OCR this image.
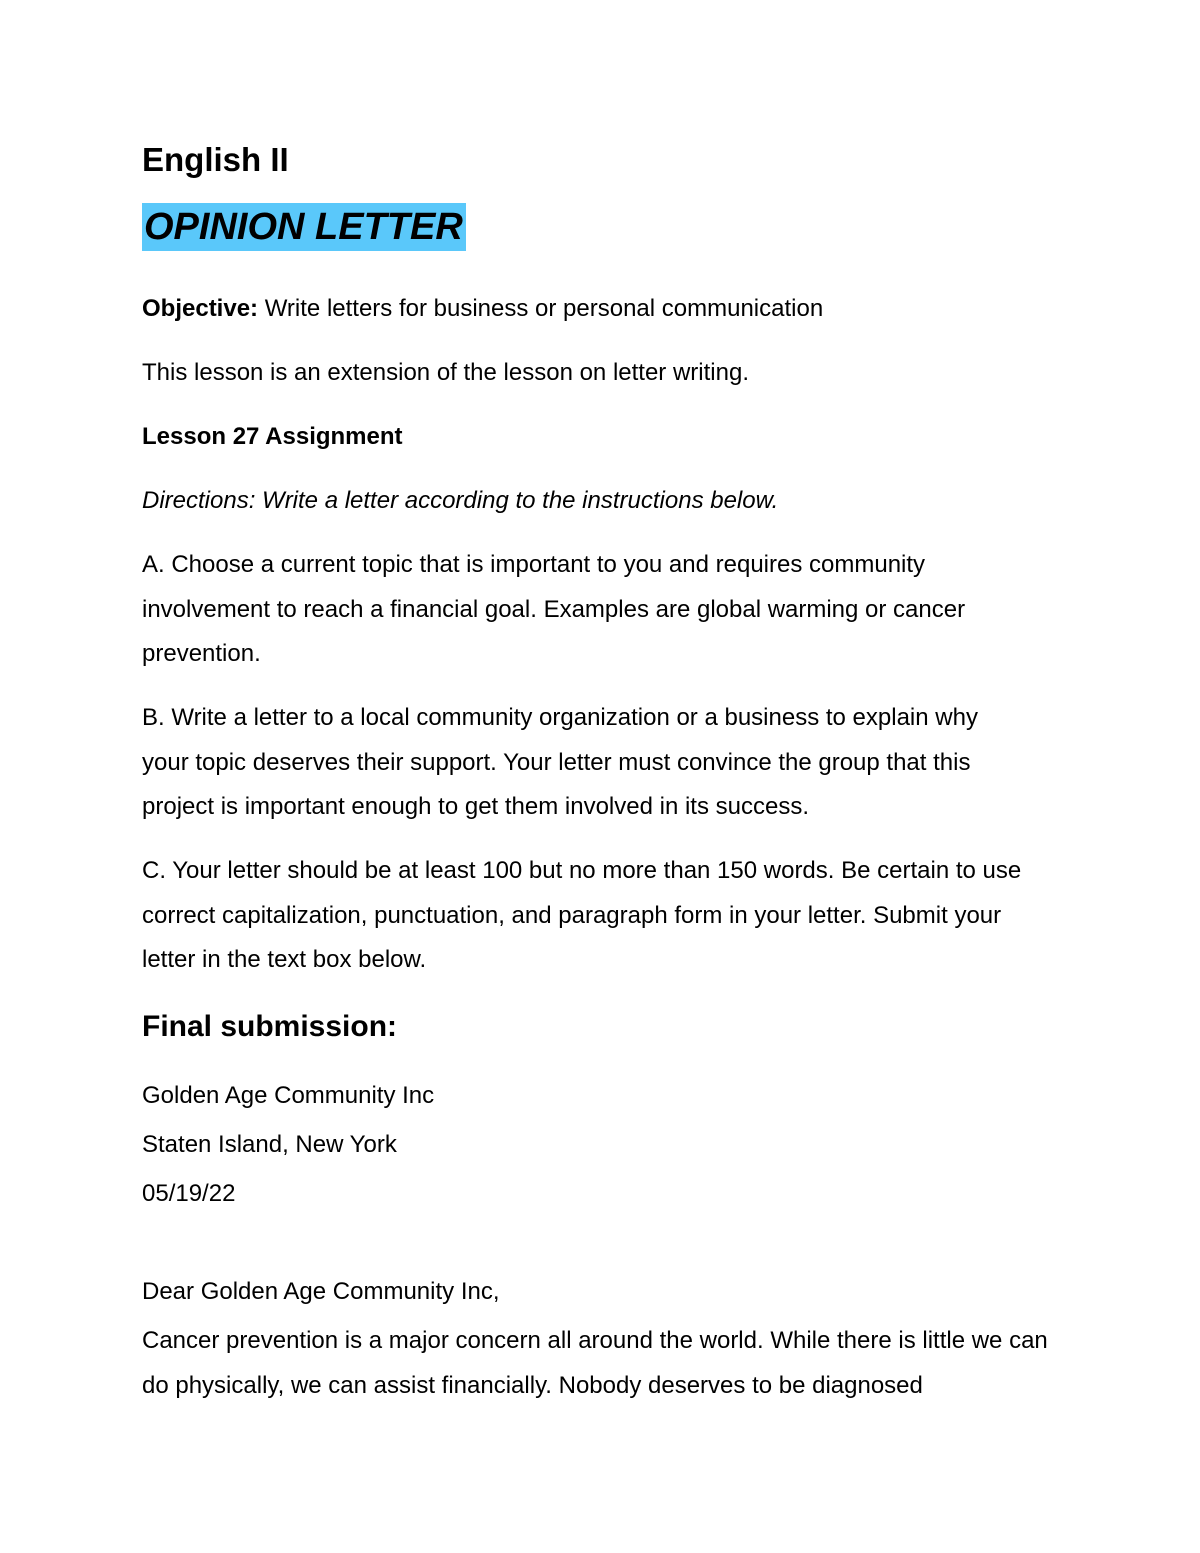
English II
OPINION LETTER

Objective: Write letters for business or personal communication

This lesson is an extension of the lesson on letter writing.

Lesson 27 Assignment

Directions: Write a letter according to the instructions below.

A. Choose a current topic that is important to you and requires community involvement to reach a financial goal. Examples are global warming or cancer prevention.

B. Write a letter to a local community organization or a business to explain why your topic deserves their support. Your letter must convince the group that this project is important enough to get them involved in its success.

C. Your letter should be at least 100 but no more than 150 words. Be certain to use correct capitalization, punctuation, and paragraph form in your letter. Submit your letter in the text box below.

Final submission:

Golden Age Community Inc

Staten Island, New York

05/19/22

Dear Golden Age Community Inc,

Cancer prevention is a major concern all around the world. While there is little we can do physically, we can assist financially. Nobody deserves to be diagnosed
